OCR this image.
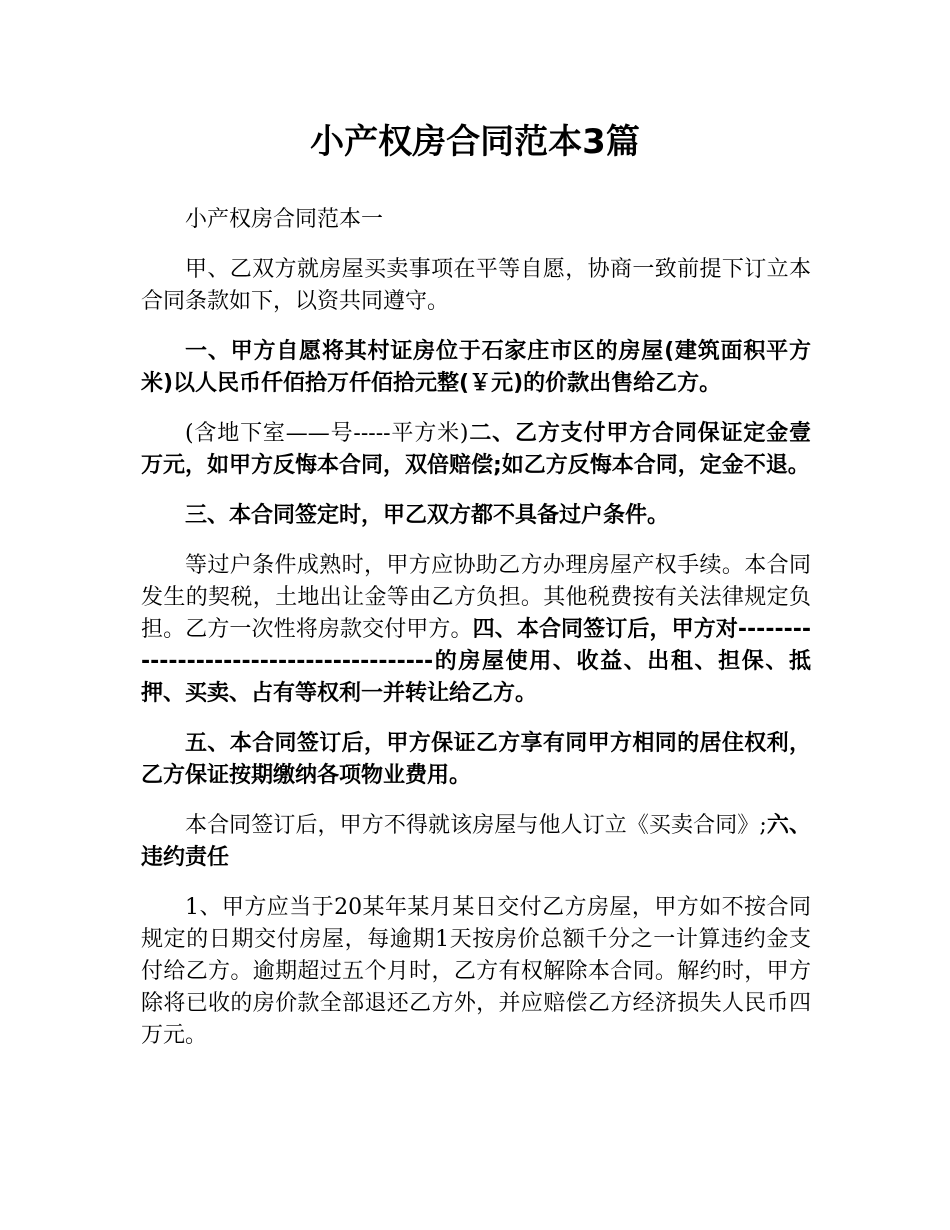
小产权房合同范本3篇

小产权房合同范本一

甲、乙双方就房屋买卖事项在平等自愿，协商一致前提下订立本合同条款如下，以资共同遵守。

一、甲方自愿将其村证房位于石家庄市区的房屋(建筑面积平方米)以人民币仟佰拾万仟佰拾元整(￥元)的价款出售给乙方。

(含地下室——号-----平方米)二、乙方支付甲方合同保证定金壹万元，如甲方反悔本合同，双倍赔偿;如乙方反悔本合同，定金不退。

三、本合同签定时，甲乙双方都不具备过户条件。

等过户条件成熟时，甲方应协助乙方办理房屋产权手续。本合同发生的契税，土地出让金等由乙方负担。其他税费按有关法律规定负担。乙方一次性将房款交付甲方。四、本合同签订后，甲方对----------------------------------------的房屋使用、收益、出租、担保、抵押、买卖、占有等权利一并转让给乙方。

五、本合同签订后，甲方保证乙方享有同甲方相同的居住权利，乙方保证按期缴纳各项物业费用。

本合同签订后，甲方不得就该房屋与他人订立《买卖合同》;六、违约责任

1、甲方应当于20某年某月某日交付乙方房屋，甲方如不按合同规定的日期交付房屋，每逾期1天按房价总额千分之一计算违约金支付给乙方。逾期超过五个月时，乙方有权解除本合同。解约时，甲方除将已收的房价款全部退还乙方外，并应赔偿乙方经济损失人民币四万元。
